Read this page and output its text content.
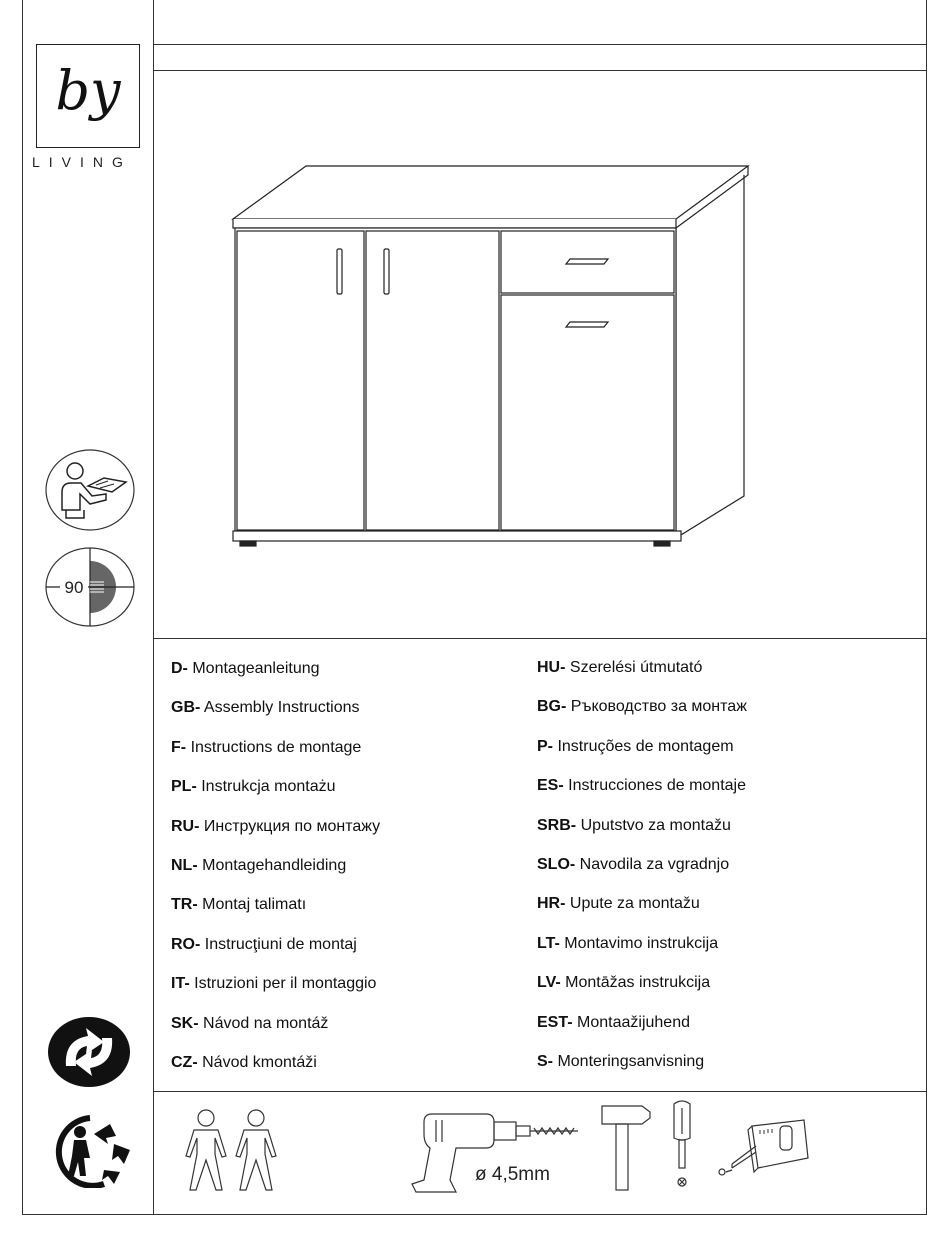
by
LIVING
90
D- Montageanleitung
GB- Assembly Instructions
F- Instructions de montage
PL- Instrukcja montażu
RU- Инструкция по монтажу
NL- Montagehandleiding
TR- Montaj talimatı
RO- Instrucţiuni de montaj
IT- Istruzioni per il montaggio
SK- Návod na montáž
CZ- Návod kmontáži
HU- Szerelési útmutató
BG- Ръководство за монтаж
P- Instruções de montagem
ES- Instrucciones de montaje
SRB- Uputstvo za montažu
SLO- Navodila za vgradnjo
HR- Upute za montažu
LT- Montavimo instrukcija
LV- Montāžas instrukcija
EST- Montaažijuhend
S- Monteringsanvisning
ø 4,5mm
